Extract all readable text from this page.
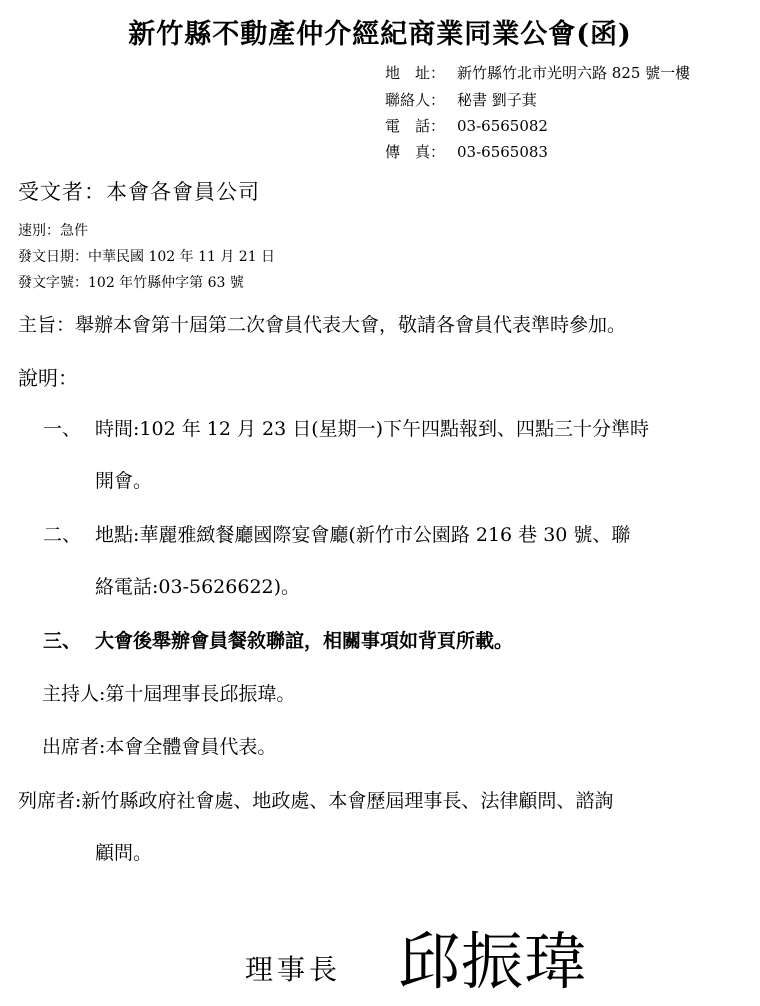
新竹縣不動產仲介經紀商業同業公會(函)
地　址： 新竹縣竹北市光明六路 825 號一樓
聯絡人： 秘書 劉子萁
電　話： 03-6565082
傳　真： 03-6565083
受文者：本會各會員公司
速別：急件
發文日期：中華民國 102 年 11 月 21 日
發文字號：102 年竹縣仲字第 63 號
主旨：舉辦本會第十屆第二次會員代表大會，敬請各會員代表準時參加。
說明：
一、 時間:102 年 12 月 23 日(星期一)下午四點報到、四點三十分準時
開會。
二、 地點:華麗雅緻餐廳國際宴會廳(新竹市公園路 216 巷 30 號、聯
絡電話:03-5626622)。
三、 大會後舉辦會員餐敘聯誼，相關事項如背頁所載。
主持人:第十屆理事長邱振瑋。
出席者:本會全體會員代表。
列席者:新竹縣政府社會處、地政處、本會歷屆理事長、法律顧問、諮詢
顧問。
理事長 邱振瑋
